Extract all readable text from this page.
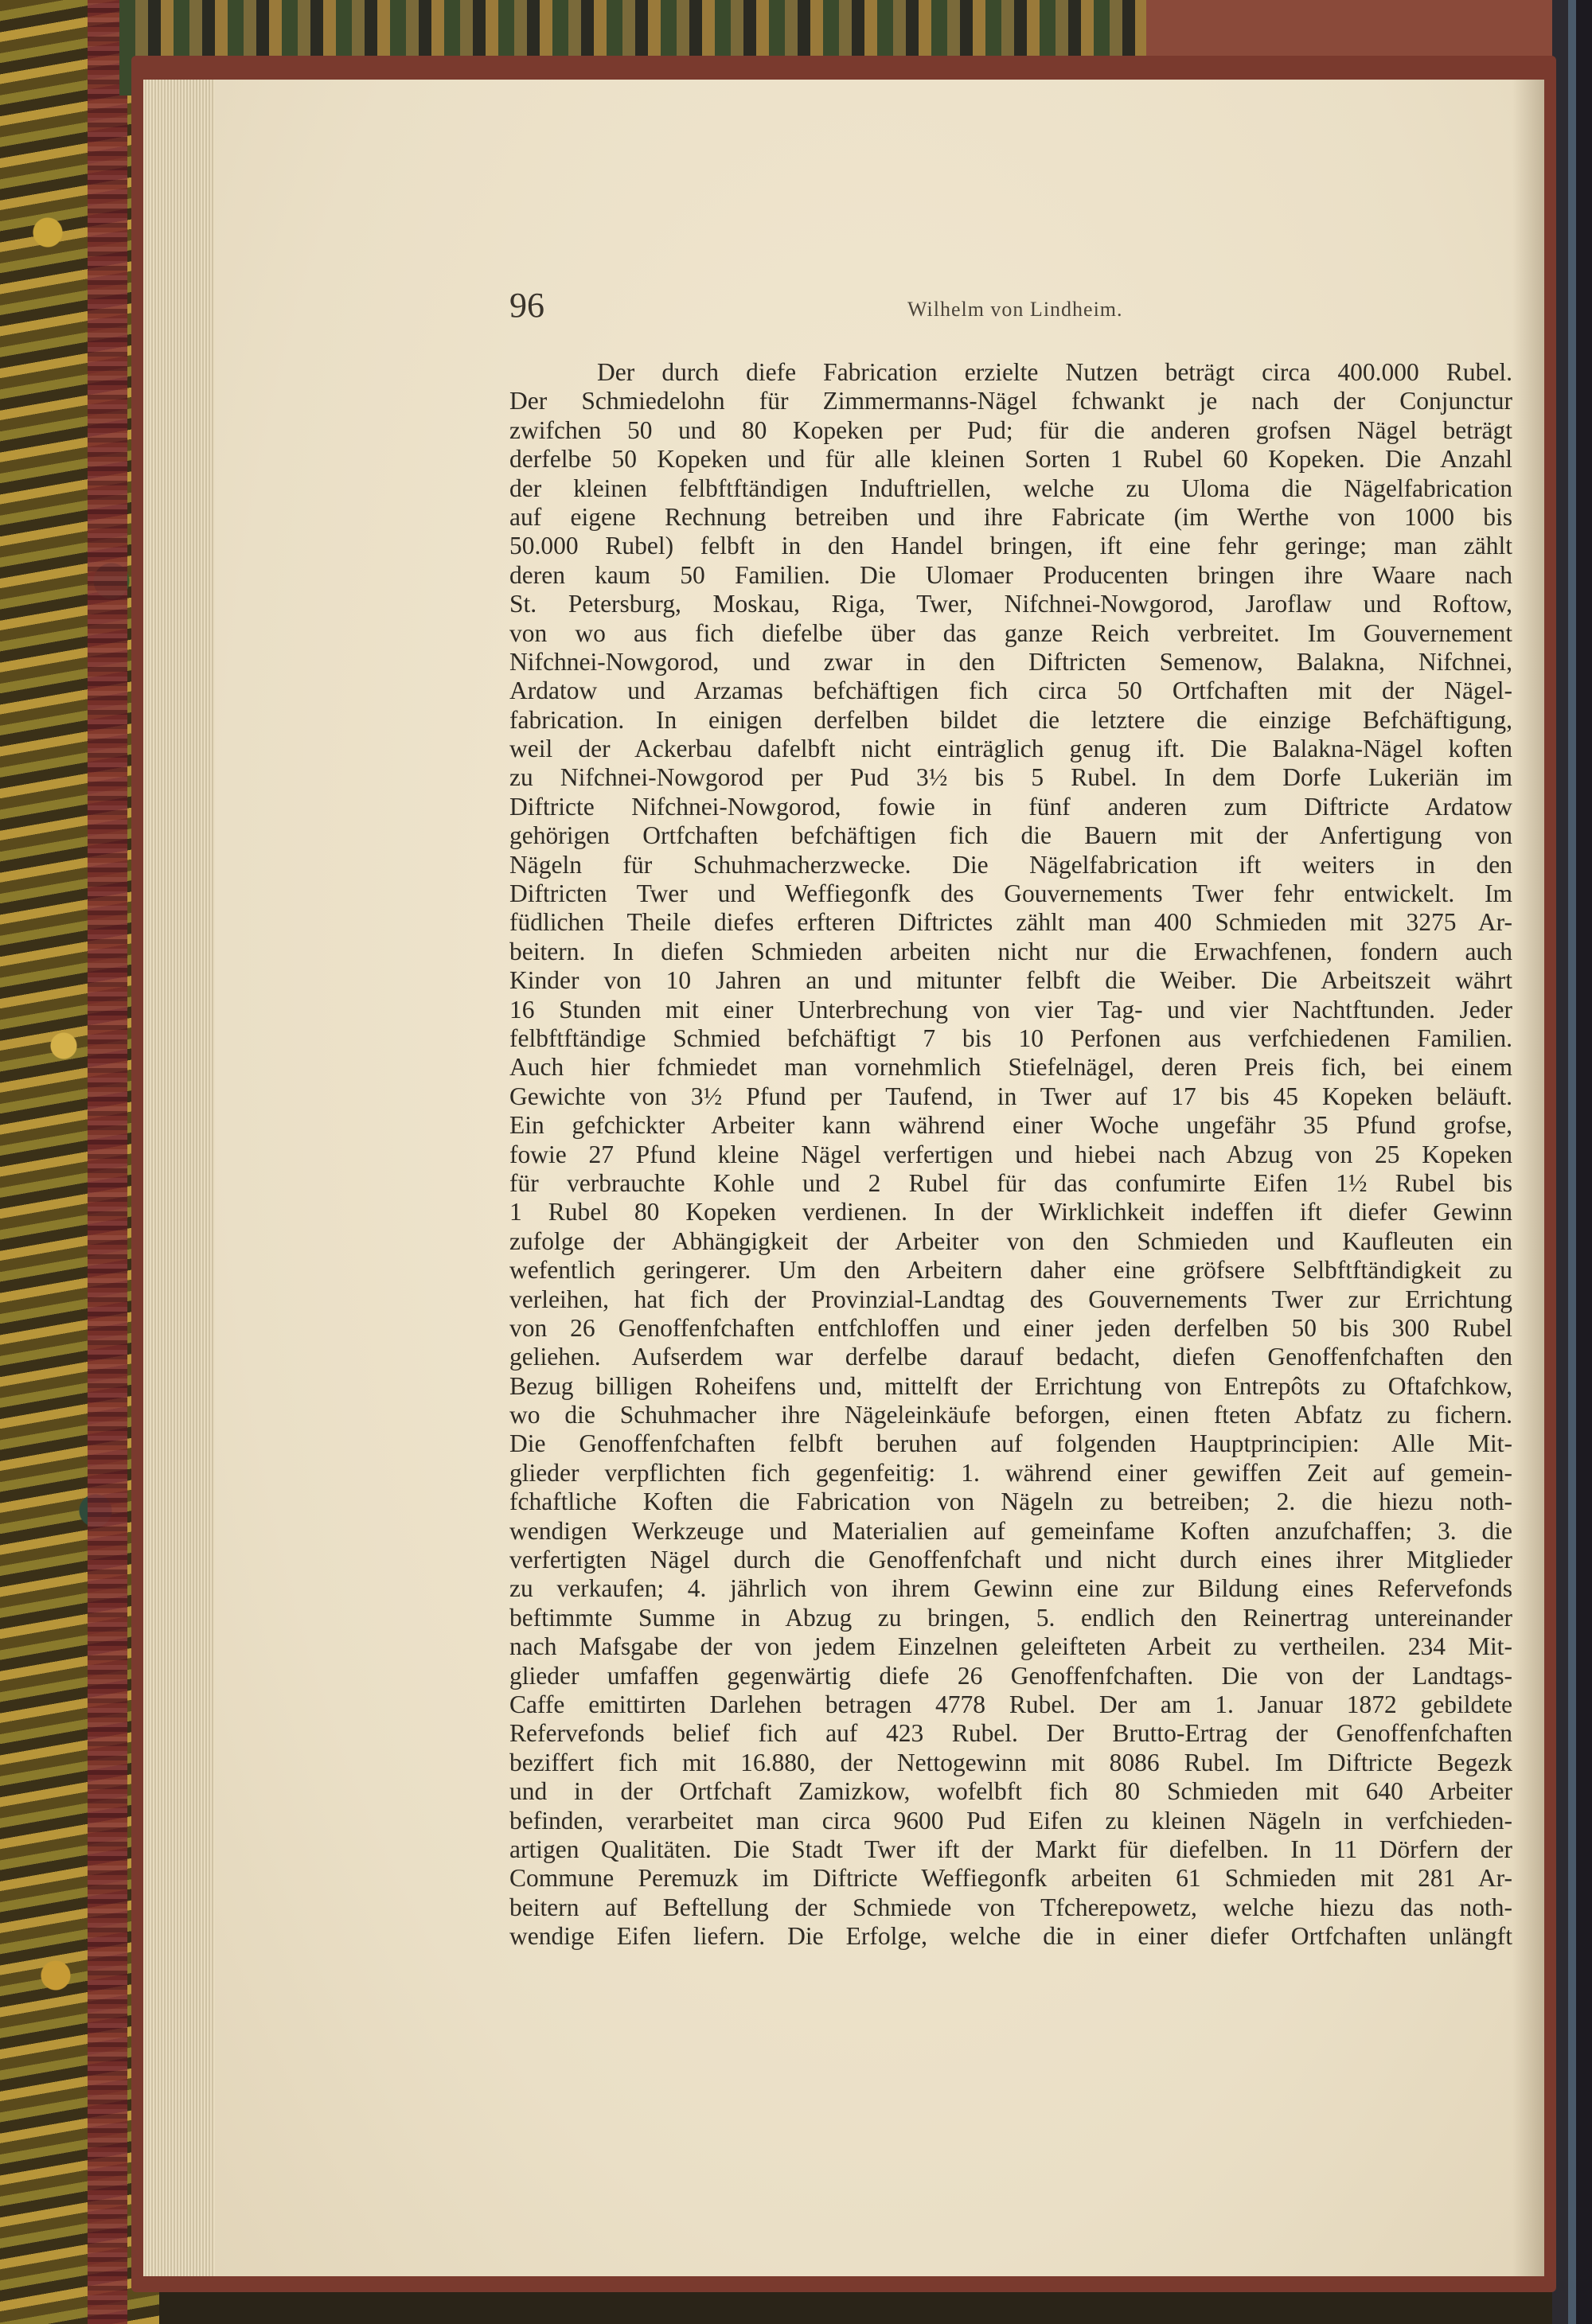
96	Wilhelm von Lindheim.
Der durch diefe Fabrication erzielte Nutzen beträgt circa 400.000 Rubel.
Der Schmiedelohn für Zimmermanns-Nägel fchwankt je nach der Conjunctur
zwifchen 50 und 80 Kopeken per Pud; für die anderen grofsen Nägel beträgt
derfelbe 50 Kopeken und für alle kleinen Sorten 1 Rubel 60 Kopeken. Die Anzahl
der kleinen felbftftändigen Induftriellen, welche zu Uloma die Nägelfabrication
auf eigene Rechnung betreiben und ihre Fabricate (im Werthe von 1000 bis
50.000 Rubel) felbft in den Handel bringen, ift eine fehr geringe; man zählt
deren kaum 50 Familien. Die Ulomaer Producenten bringen ihre Waare nach
St. Petersburg, Moskau, Riga, Twer, Nifchnei-Nowgorod, Jaroflaw und Roftow,
von wo aus fich diefelbe über das ganze Reich verbreitet. Im Gouvernement
Nifchnei-Nowgorod, und zwar in den Diftricten Semenow, Balakna, Nifchnei,
Ardatow und Arzamas befchäftigen fich circa 50 Ortfchaften mit der Nägel-
fabrication. In einigen derfelben bildet die letztere die einzige Befchäftigung,
weil der Ackerbau dafelbft nicht einträglich genug ift. Die Balakna-Nägel koften
zu Nifchnei-Nowgorod per Pud 3½ bis 5 Rubel. In dem Dorfe Lukeriän im
Diftricte Nifchnei-Nowgorod, fowie in fünf anderen zum Diftricte Ardatow
gehörigen Ortfchaften befchäftigen fich die Bauern mit der Anfertigung von
Nägeln für Schuhmacherzwecke. Die Nägelfabrication ift weiters in den
Diftricten Twer und Weffiegonfk des Gouvernements Twer fehr entwickelt. Im
füdlichen Theile diefes erfteren Diftrictes zählt man 400 Schmieden mit 3275 Ar-
beitern. In diefen Schmieden arbeiten nicht nur die Erwachfenen, fondern auch
Kinder von 10 Jahren an und mitunter felbft die Weiber. Die Arbeitszeit währt
16 Stunden mit einer Unterbrechung von vier Tag- und vier Nachtftunden. Jeder
felbftftändige Schmied befchäftigt 7 bis 10 Perfonen aus verfchiedenen Familien.
Auch hier fchmiedet man vornehmlich Stiefelnägel, deren Preis fich, bei einem
Gewichte von 3½ Pfund per Taufend, in Twer auf 17 bis 45 Kopeken beläuft.
Ein gefchickter Arbeiter kann während einer Woche ungefähr 35 Pfund grofse,
fowie 27 Pfund kleine Nägel verfertigen und hiebei nach Abzug von 25 Kopeken
für verbrauchte Kohle und 2 Rubel für das confumirte Eifen 1½ Rubel bis
1 Rubel 80 Kopeken verdienen. In der Wirklichkeit indeffen ift diefer Gewinn
zufolge der Abhängigkeit der Arbeiter von den Schmieden und Kaufleuten ein
wefentlich geringerer. Um den Arbeitern daher eine gröfsere Selbftftändigkeit zu
verleihen, hat fich der Provinzial-Landtag des Gouvernements Twer zur Errichtung
von 26 Genoffenfchaften entfchloffen und einer jeden derfelben 50 bis 300 Rubel
geliehen. Aufserdem war derfelbe darauf bedacht, diefen Genoffenfchaften den
Bezug billigen Roheifens und, mittelft der Errichtung von Entrepôts zu Oftafchkow,
wo die Schuhmacher ihre Nägeleinkäufe beforgen, einen fteten Abfatz zu fichern.
Die Genoffenfchaften felbft beruhen auf folgenden Hauptprincipien: Alle Mit-
glieder verpflichten fich gegenfeitig: 1. während einer gewiffen Zeit auf gemein-
fchaftliche Koften die Fabrication von Nägeln zu betreiben; 2. die hiezu noth-
wendigen Werkzeuge und Materialien auf gemeinfame Koften anzufchaffen; 3. die
verfertigten Nägel durch die Genoffenfchaft und nicht durch eines ihrer Mitglieder
zu verkaufen; 4. jährlich von ihrem Gewinn eine zur Bildung eines Refervefonds
beftimmte Summe in Abzug zu bringen, 5. endlich den Reinertrag untereinander
nach Mafsgabe der von jedem Einzelnen geleifteten Arbeit zu vertheilen. 234 Mit-
glieder umfaffen gegenwärtig diefe 26 Genoffenfchaften. Die von der Landtags-
Caffe emittirten Darlehen betragen 4778 Rubel. Der am 1. Januar 1872 gebildete
Refervefonds belief fich auf 423 Rubel. Der Brutto-Ertrag der Genoffenfchaften
beziffert fich mit 16.880, der Nettogewinn mit 8086 Rubel. Im Diftricte Begezk
und in der Ortfchaft Zamizkow, wofelbft fich 80 Schmieden mit 640 Arbeiter
befinden, verarbeitet man circa 9600 Pud Eifen zu kleinen Nägeln in verfchieden-
artigen Qualitäten. Die Stadt Twer ift der Markt für diefelben. In 11 Dörfern der
Commune Peremuzk im Diftricte Weffiegonfk arbeiten 61 Schmieden mit 281 Ar-
beitern auf Beftellung der Schmiede von Tfcherepowetz, welche hiezu das noth-
wendige Eifen liefern. Die Erfolge, welche die in einer diefer Ortfchaften unlängft
